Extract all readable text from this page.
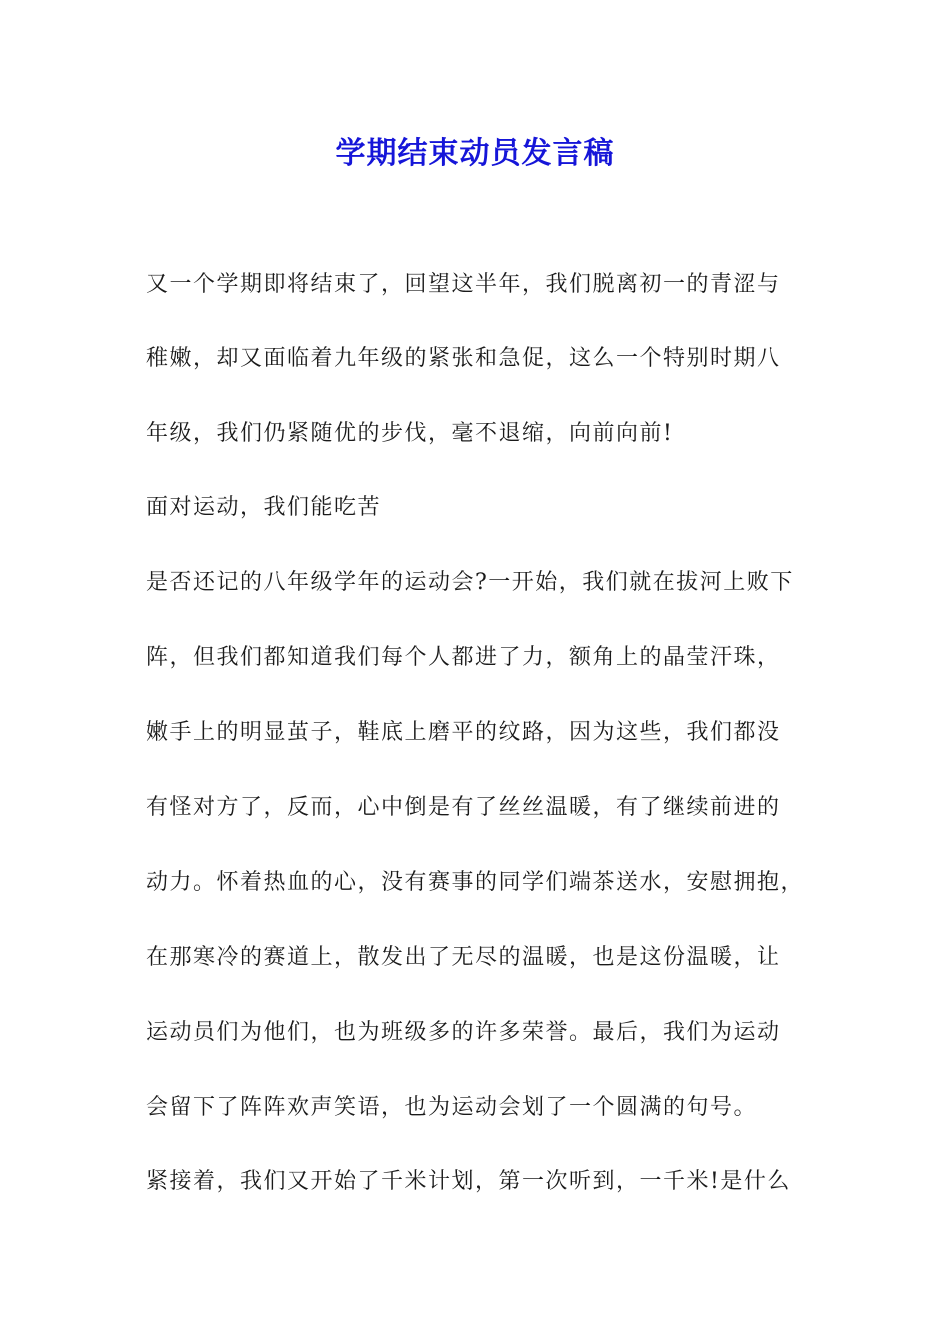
学期结束动员发言稿
又一个学期即将结束了，回望这半年，我们脱离初一的青涩与
稚嫩，却又面临着九年级的紧张和急促，这么一个特别时期八
年级，我们仍紧随优的步伐，毫不退缩，向前向前!
面对运动，我们能吃苦
是否还记的八年级学年的运动会?一开始，我们就在拔河上败下
阵，但我们都知道我们每个人都进了力，额角上的晶莹汗珠，
嫩手上的明显茧子，鞋底上磨平的纹路，因为这些，我们都没
有怪对方了，反而，心中倒是有了丝丝温暖，有了继续前进的
动力。怀着热血的心，没有赛事的同学们端茶送水，安慰拥抱，
在那寒冷的赛道上，散发出了无尽的温暖，也是这份温暖，让
运动员们为他们，也为班级多的许多荣誉。最后，我们为运动
会留下了阵阵欢声笑语，也为运动会划了一个圆满的句号。
紧接着，我们又开始了千米计划，第一次听到，一千米!是什么
